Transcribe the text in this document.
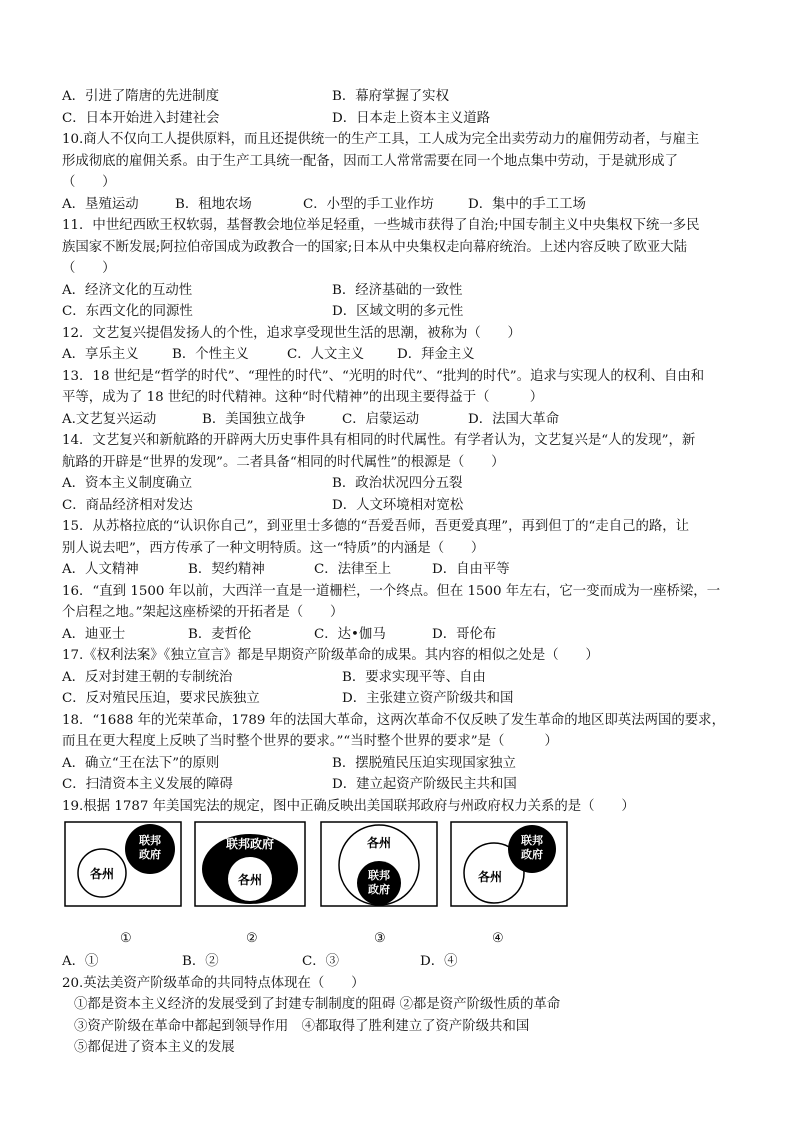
A．引进了隋唐的先进制度	B．幕府掌握了实权
C．日本开始进入封建社会	D．日本走上资本主义道路
10.商人不仅向工人提供原料，而且还提供统一的生产工具，工人成为完全出卖劳动力的雇佣劳动者，与雇主
形成彻底的雇佣关系。由于生产工具统一配备，因而工人常常需要在同一个地点集中劳动，于是就形成了
（　　）
A．垦殖运动	B．租地农场	C．小型的手工业作坊	D．集中的手工工场
11．中世纪西欧王权软弱，基督教会地位举足轻重，一些城市获得了自治;中国专制主义中央集权下统一多民
族国家不断发展;阿拉伯帝国成为政教合一的国家;日本从中央集权走向幕府统治。上述内容反映了欧亚大陆
（　　）
A．经济文化的互动性	B．经济基础的一致性
C．东西文化的同源性	D．区域文明的多元性
12．文艺复兴提倡发扬人的个性，追求享受现世生活的思潮，被称为（　　）
A．享乐主义	B．个性主义	C．人文主义	D．拜金主义
13．18 世纪是“哲学的时代”、“理性的时代”、“光明的时代”、“批判的时代”。追求与实现人的权利、自由和
平等，成为了 18 世纪的时代精神。这种“时代精神”的出现主要得益于（　　　）
A.文艺复兴运动	B．美国独立战争	C．启蒙运动	D．法国大革命
14．文艺复兴和新航路的开辟两大历史事件具有相同的时代属性。有学者认为，文艺复兴是“人的发现”，新
航路的开辟是“世界的发现”。二者具备“相同的时代属性”的根源是（　　）
A．资本主义制度确立	B．政治状况四分五裂
C．商品经济相对发达	D．人文环境相对宽松
15．从苏格拉底的“认识你自己”，到亚里士多德的“吾爱吾师，吾更爱真理”，再到但丁的“走自己的路，让
别人说去吧”，西方传承了一种文明特质。这一“特质”的内涵是（　　）
A．人文精神	B．契约精神	C．法律至上	D．自由平等
16．“直到 1500 年以前，大西洋一直是一道栅栏，一个终点。但在 1500 年左右，它一变而成为一座桥梁，一
个启程之地。”架起这座桥梁的开拓者是（　　）
A．迪亚士	B．麦哲伦	C．达•伽马	D．哥伦布
17.《权利法案》《独立宣言》都是早期资产阶级革命的成果。其内容的相似之处是（　　）
A．反对封建王朝的专制统治	B．要求实现平等、自由
C．反对殖民压迫，要求民族独立	D．主张建立资产阶级共和国
18．“1688 年的光荣革命，1789 年的法国大革命，这两次革命不仅反映了发生革命的地区即英法两国的要求，
而且在更大程度上反映了当时整个世界的要求。”“当时整个世界的要求”是（　　　）
A．确立“王在法下”的原则	B．摆脱殖民压迫实现国家独立
C．扫清资本主义发展的障碍	D．建立起资产阶级民主共和国
19.根据 1787 年美国宪法的规定，图中正确反映出美国联邦政府与州政府权力关系的是（　　）
各州
联邦
政府
①
各州
联邦政府
②
各州
联邦
政府
③
各州
联邦
政府
④
A．①	B．②	C．③	D．④
20.英法美资产阶级革命的共同特点体现在（　　）
①都是资本主义经济的发展受到了封建专制制度的阻碍 ②都是资产阶级性质的革命
③资产阶级在革命中都起到领导作用　④都取得了胜利建立了资产阶级共和国
⑤都促进了资本主义的发展
